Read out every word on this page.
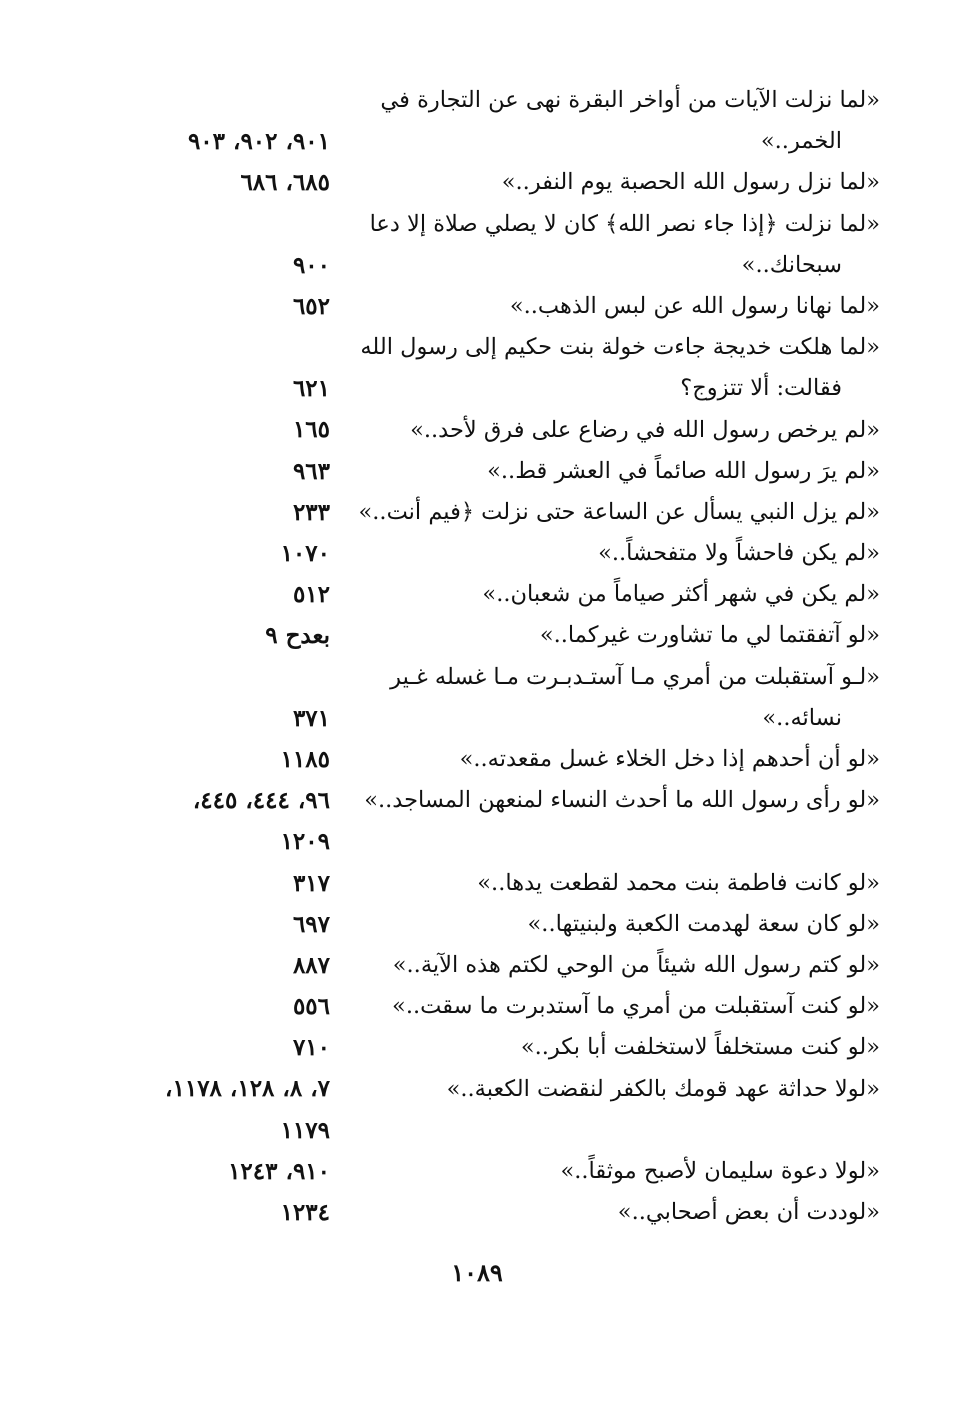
«لما نزلت الآيات من أواخر البقرة نهى عن التجارة في
٩٠١، ٩٠٢، ٩٠٣	الخمر..»
٦٨٥، ٦٨٦	«لما نزل رسول الله الحصبة يوم النفر..»
«لما نزلت ﴿إذا جاء نصر الله﴾ كان لا يصلي صلاة إلا دعا
٩٠٠	سبحانك..»
٦٥٢	«لما نهانا رسول الله عن لبس الذهب..»
«لما هلكت خديجة جاءت خولة بنت حكيم إلى رسول الله
٦٢١	فقالت: ألا تتزوج؟
١٦٥	«لم يرخص رسول الله في رضاع على فرق لأحد..»
٩٦٣	«لم يرَ رسول الله صائماً في العشر قط..»
٢٣٣	«لم يزل النبي يسأل عن الساعة حتى نزلت ﴿فيم أنت..»
١٠٧٠	«لم يكن فاحشاً ولا متفحشاً..»
٥١٢	«لم يكن في شهر أكثر صياماً من شعبان..»
بعدح ٩	«لو آتفقتما لي ما تشاورت غيركما..»
«لـو آستقبلت من أمري مـا آستـدبـرت مـا غسله غـير
٣٧١	نسائه..»
١١٨٥	«لو أن أحدهم إذا دخل الخلاء غسل مقعدته..»
٩٦، ٤٤٤، ٤٤٥،	«لو رأى رسول الله ما أحدث النساء لمنعهن المساجد..»
١٢٠٩
٣١٧	«لو كانت فاطمة بنت محمد لقطعت يدها..»
٦٩٧	«لو كان سعة لهدمت الكعبة ولبنيتها..»
٨٨٧	«لو كتم رسول الله شيئاً من الوحي لكتم هذه الآية..»
٥٥٦	«لو كنت آستقبلت من أمري ما آستدبرت ما سقت..»
٧١٠	«لو كنت مستخلفاً لاستخلفت أبا بكر..»
٧، ٨، ١٢٨، ١١٧٨،	«لولا حداثة عهد قومك بالكفر لنقضت الكعبة..»
١١٧٩
٩١٠، ١٢٤٣	«لولا دعوة سليمان لأصبح موثقاً..»
١٢٣٤	«لوددت أن بعض أصحابي..»
١٠٨٩
